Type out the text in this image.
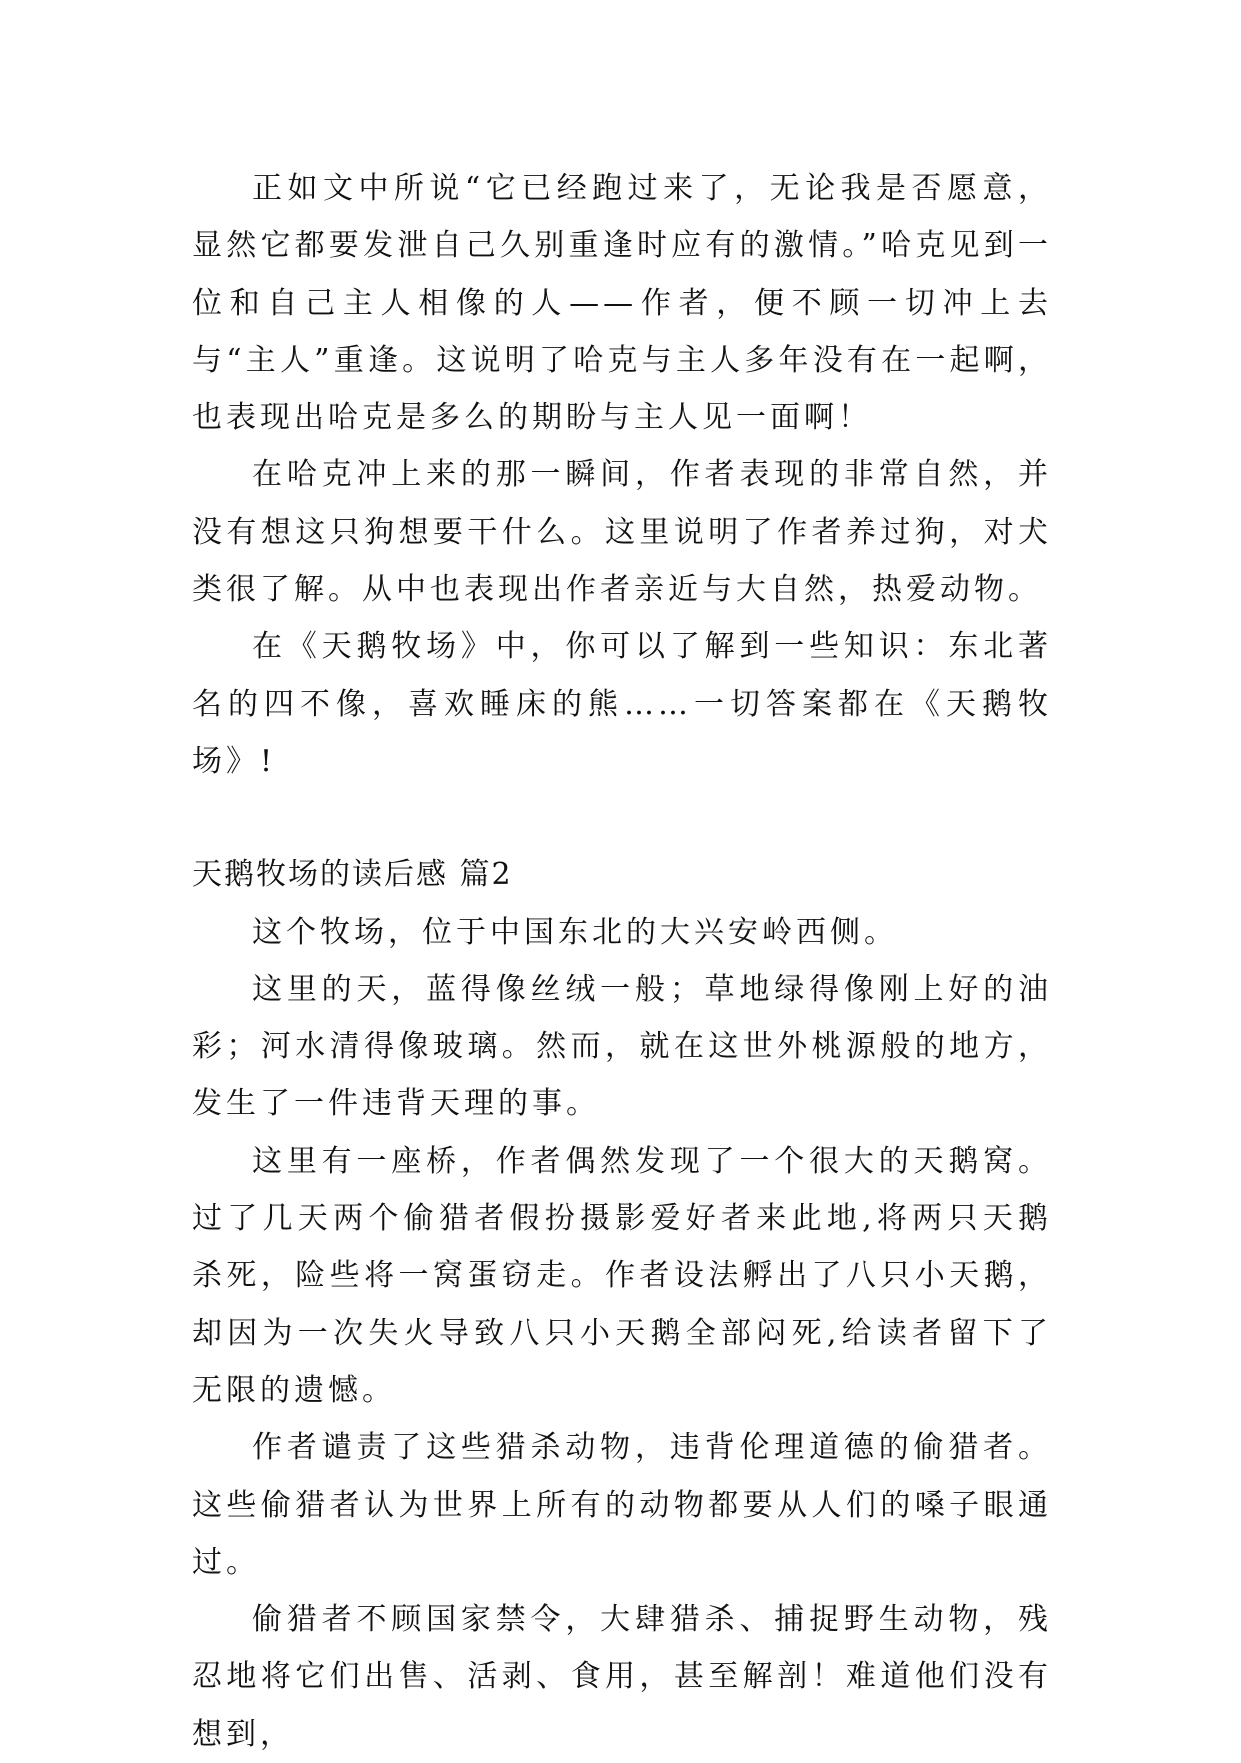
正如文中所说“它已经跑过来了，无论我是否愿意，显然它都要发泄自己久别重逢时应有的激情。”哈克见到一位和自己主人相像的人——作者，便不顾一切冲上去与“主人”重逢。这说明了哈克与主人多年没有在一起啊，也表现出哈克是多么的期盼与主人见一面啊！

在哈克冲上来的那一瞬间，作者表现的非常自然，并没有想这只狗想要干什么。这里说明了作者养过狗，对犬类很了解。从中也表现出作者亲近与大自然，热爱动物。

在《天鹅牧场》中，你可以了解到一些知识：东北著名的四不像，喜欢睡床的熊……一切答案都在《天鹅牧场》!

天鹅牧场的读后感 篇2

这个牧场，位于中国东北的大兴安岭西侧。

这里的天，蓝得像丝绒一般；草地绿得像刚上好的油彩；河水清得像玻璃。然而，就在这世外桃源般的地方，发生了一件违背天理的事。

这里有一座桥，作者偶然发现了一个很大的天鹅窝。过了几天两个偷猎者假扮摄影爱好者来此地,将两只天鹅杀死，险些将一窝蛋窃走。作者设法孵出了八只小天鹅，却因为一次失火导致八只小天鹅全部闷死,给读者留下了无限的遗憾。

作者谴责了这些猎杀动物，违背伦理道德的偷猎者。这些偷猎者认为世界上所有的动物都要从人们的嗓子眼通过。

偷猎者不顾国家禁令，大肆猎杀、捕捉野生动物，残忍地将它们出售、活剥、食用，甚至解剖！难道他们没有想到，
